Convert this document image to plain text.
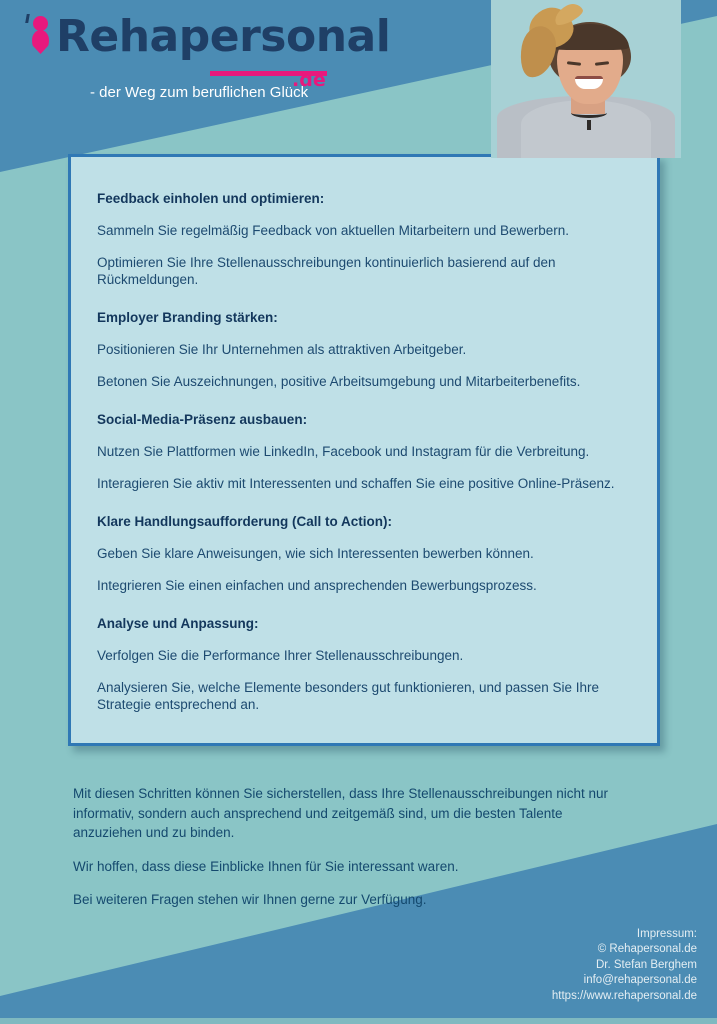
Rehapersonal
.de
- der Weg zum beruflichen Glück
Feedback einholen und optimieren:
Sammeln Sie regelmäßig Feedback von aktuellen Mitarbeitern und Bewerbern.
Optimieren Sie Ihre Stellenausschreibungen kontinuierlich basierend auf den Rückmeldungen.
Employer Branding stärken:
Positionieren Sie Ihr Unternehmen als attraktiven Arbeitgeber.
Betonen Sie Auszeichnungen, positive Arbeitsumgebung und Mitarbeiterbenefits.
Social-Media-Präsenz ausbauen:
Nutzen Sie Plattformen wie LinkedIn, Facebook und Instagram für die Verbreitung.
Interagieren Sie aktiv mit Interessenten und schaffen Sie eine positive Online-Präsenz.
Klare Handlungsaufforderung (Call to Action):
Geben Sie klare Anweisungen, wie sich Interessenten bewerben können.
Integrieren Sie einen einfachen und ansprechenden Bewerbungsprozess.
Analyse und Anpassung:
Verfolgen Sie die Performance Ihrer Stellenausschreibungen.
Analysieren Sie, welche Elemente besonders gut funktionieren, und passen Sie Ihre Strategie entsprechend an.

Mit diesen Schritten können Sie sicherstellen, dass Ihre Stellenausschreibungen nicht nur informativ, sondern auch ansprechend und zeitgemäß sind, um die besten Talente anzuziehen und zu binden.

Wir hoffen, dass diese Einblicke Ihnen für Sie interessant waren.

Bei weiteren Fragen stehen wir Ihnen gerne zur Verfügung.

Impressum:
© Rehapersonal.de
Dr. Stefan Berghem
info@rehapersonal.de
https://www.rehapersonal.de
